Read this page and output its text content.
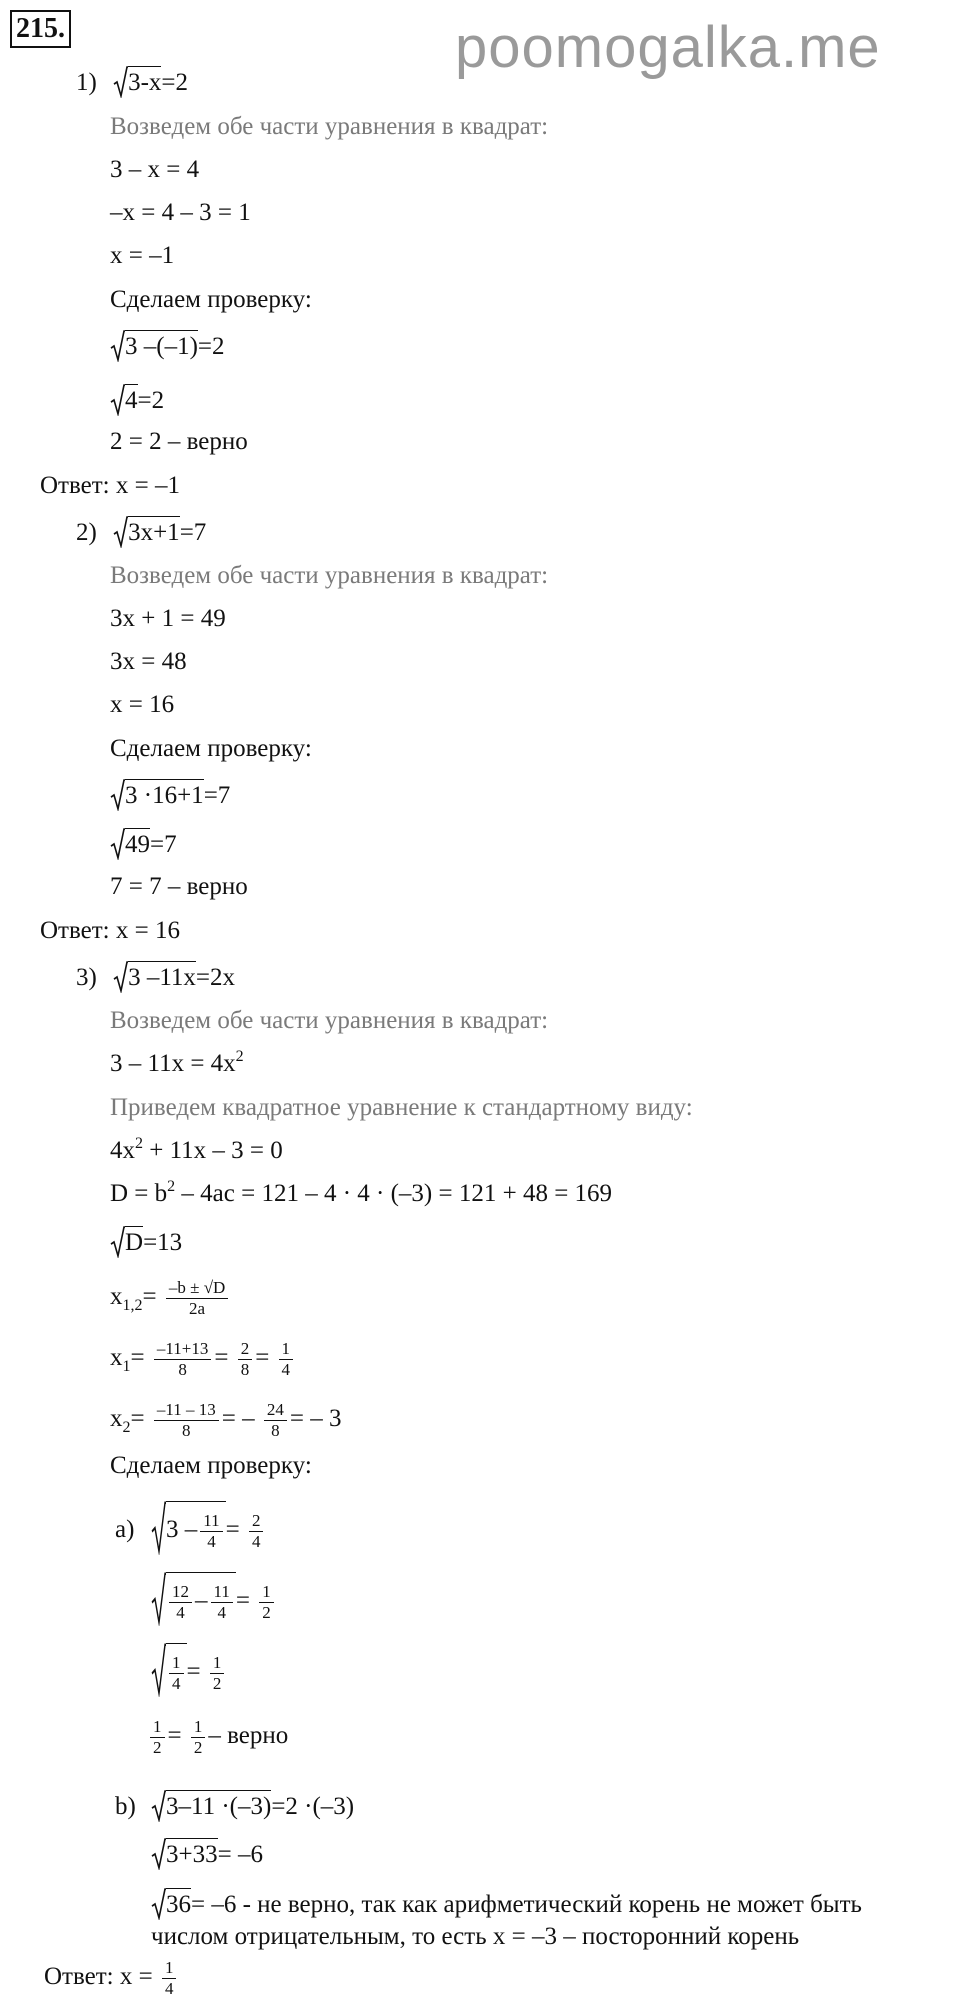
215.	poomogalka.me
1) 3-x=2
Возведем обе части уравнения в квадрат:
3 – x = 4
–x = 4 – 3 = 1
x = –1
Сделаем проверку:
3 –(–1)=2
4=2
2 = 2 – верно
Ответ: x = –1
2) 3x+1=7
Возведем обе части уравнения в квадрат:
3x + 1 = 49
3x = 48
x = 16
Сделаем проверку:
3 ·16+1=7
49=7
7 = 7 – верно
Ответ: x = 16
3) 3 –11x=2x
Возведем обе части уравнения в квадрат:
$3 - 11x = 4x^2$
Приведем квадратное уравнение к стандартному виду:
$4x^2 + 11x - 3 = 0$
$D = b^2 - 4ac = 121 - 4 \cdot 4 \cdot (-3) = 121 + 48 = 169$
D=13
$x_{1,2}= \frac{-b \pm √D}{2a}$
$x_1= \frac{-11+13}{8} = \frac{2}{8} = \frac{1}{4}$
$x_2= \frac{-11 - 13}{8}$ = – $\frac{24}{8}$ = – 3
Сделаем проверку:
a) $3 - \frac{11}{4} = \frac{2}{4}$
$\frac{12}{4} - \frac{11}{4} = \frac{1}{2}$
$\frac{1}{4} = \frac{1}{2}$
$\frac{1}{2} = \frac{1}{2}$ – верно
b) 3–11 ·(–3)=2 ·(–3)
3+33= –6
36= –6 - не верно, так как арифметический корень не может быть
числом отрицательным, то есть x = –3 – посторонний корень
Ответ: $x = \frac{1}{4}$
